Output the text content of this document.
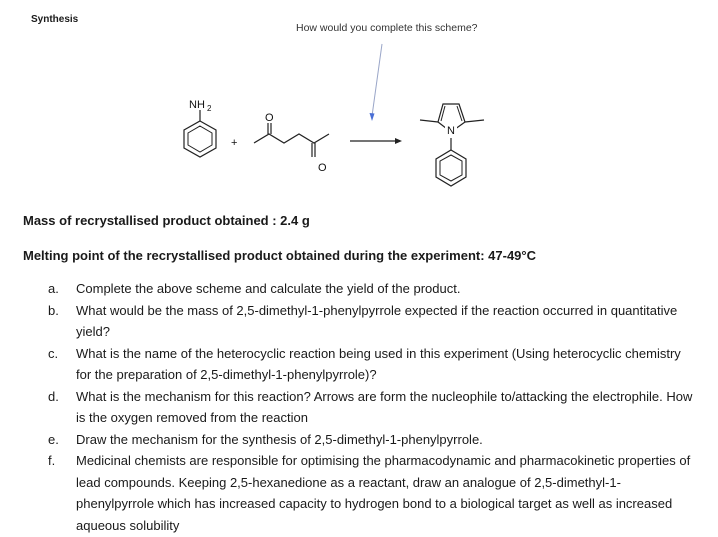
Synthesis
How would you complete this scheme?
NH 2
+
O
O
N
Mass of recrystallised product obtained : 2.4 g
Melting point of the recrystallised product obtained during the experiment: 47-49°C
a.	Complete the above scheme and calculate the yield of the product.
b.	What would be the mass of 2,5-dimethyl-1-phenylpyrrole expected if the reaction occurred in quantitative yield?
c.	What is the name of the heterocyclic reaction being used in this experiment (Using heterocyclic chemistry for the preparation of 2,5-dimethyl-1-phenylpyrrole)?
d.	What is the mechanism for this reaction? Arrows are form the nucleophile to/attacking the electrophile. How is the oxygen removed from the reaction
e.	Draw the mechanism for the synthesis of 2,5-dimethyl-1-phenylpyrrole.
f.	Medicinal chemists are responsible for optimising the pharmacodynamic and pharmacokinetic properties of lead compounds. Keeping 2,5-hexanedione as a reactant, draw an analogue of 2,5-dimethyl-1-phenylpyrrole which has increased capacity to hydrogen bond to a biological target as well as increased aqueous solubility
